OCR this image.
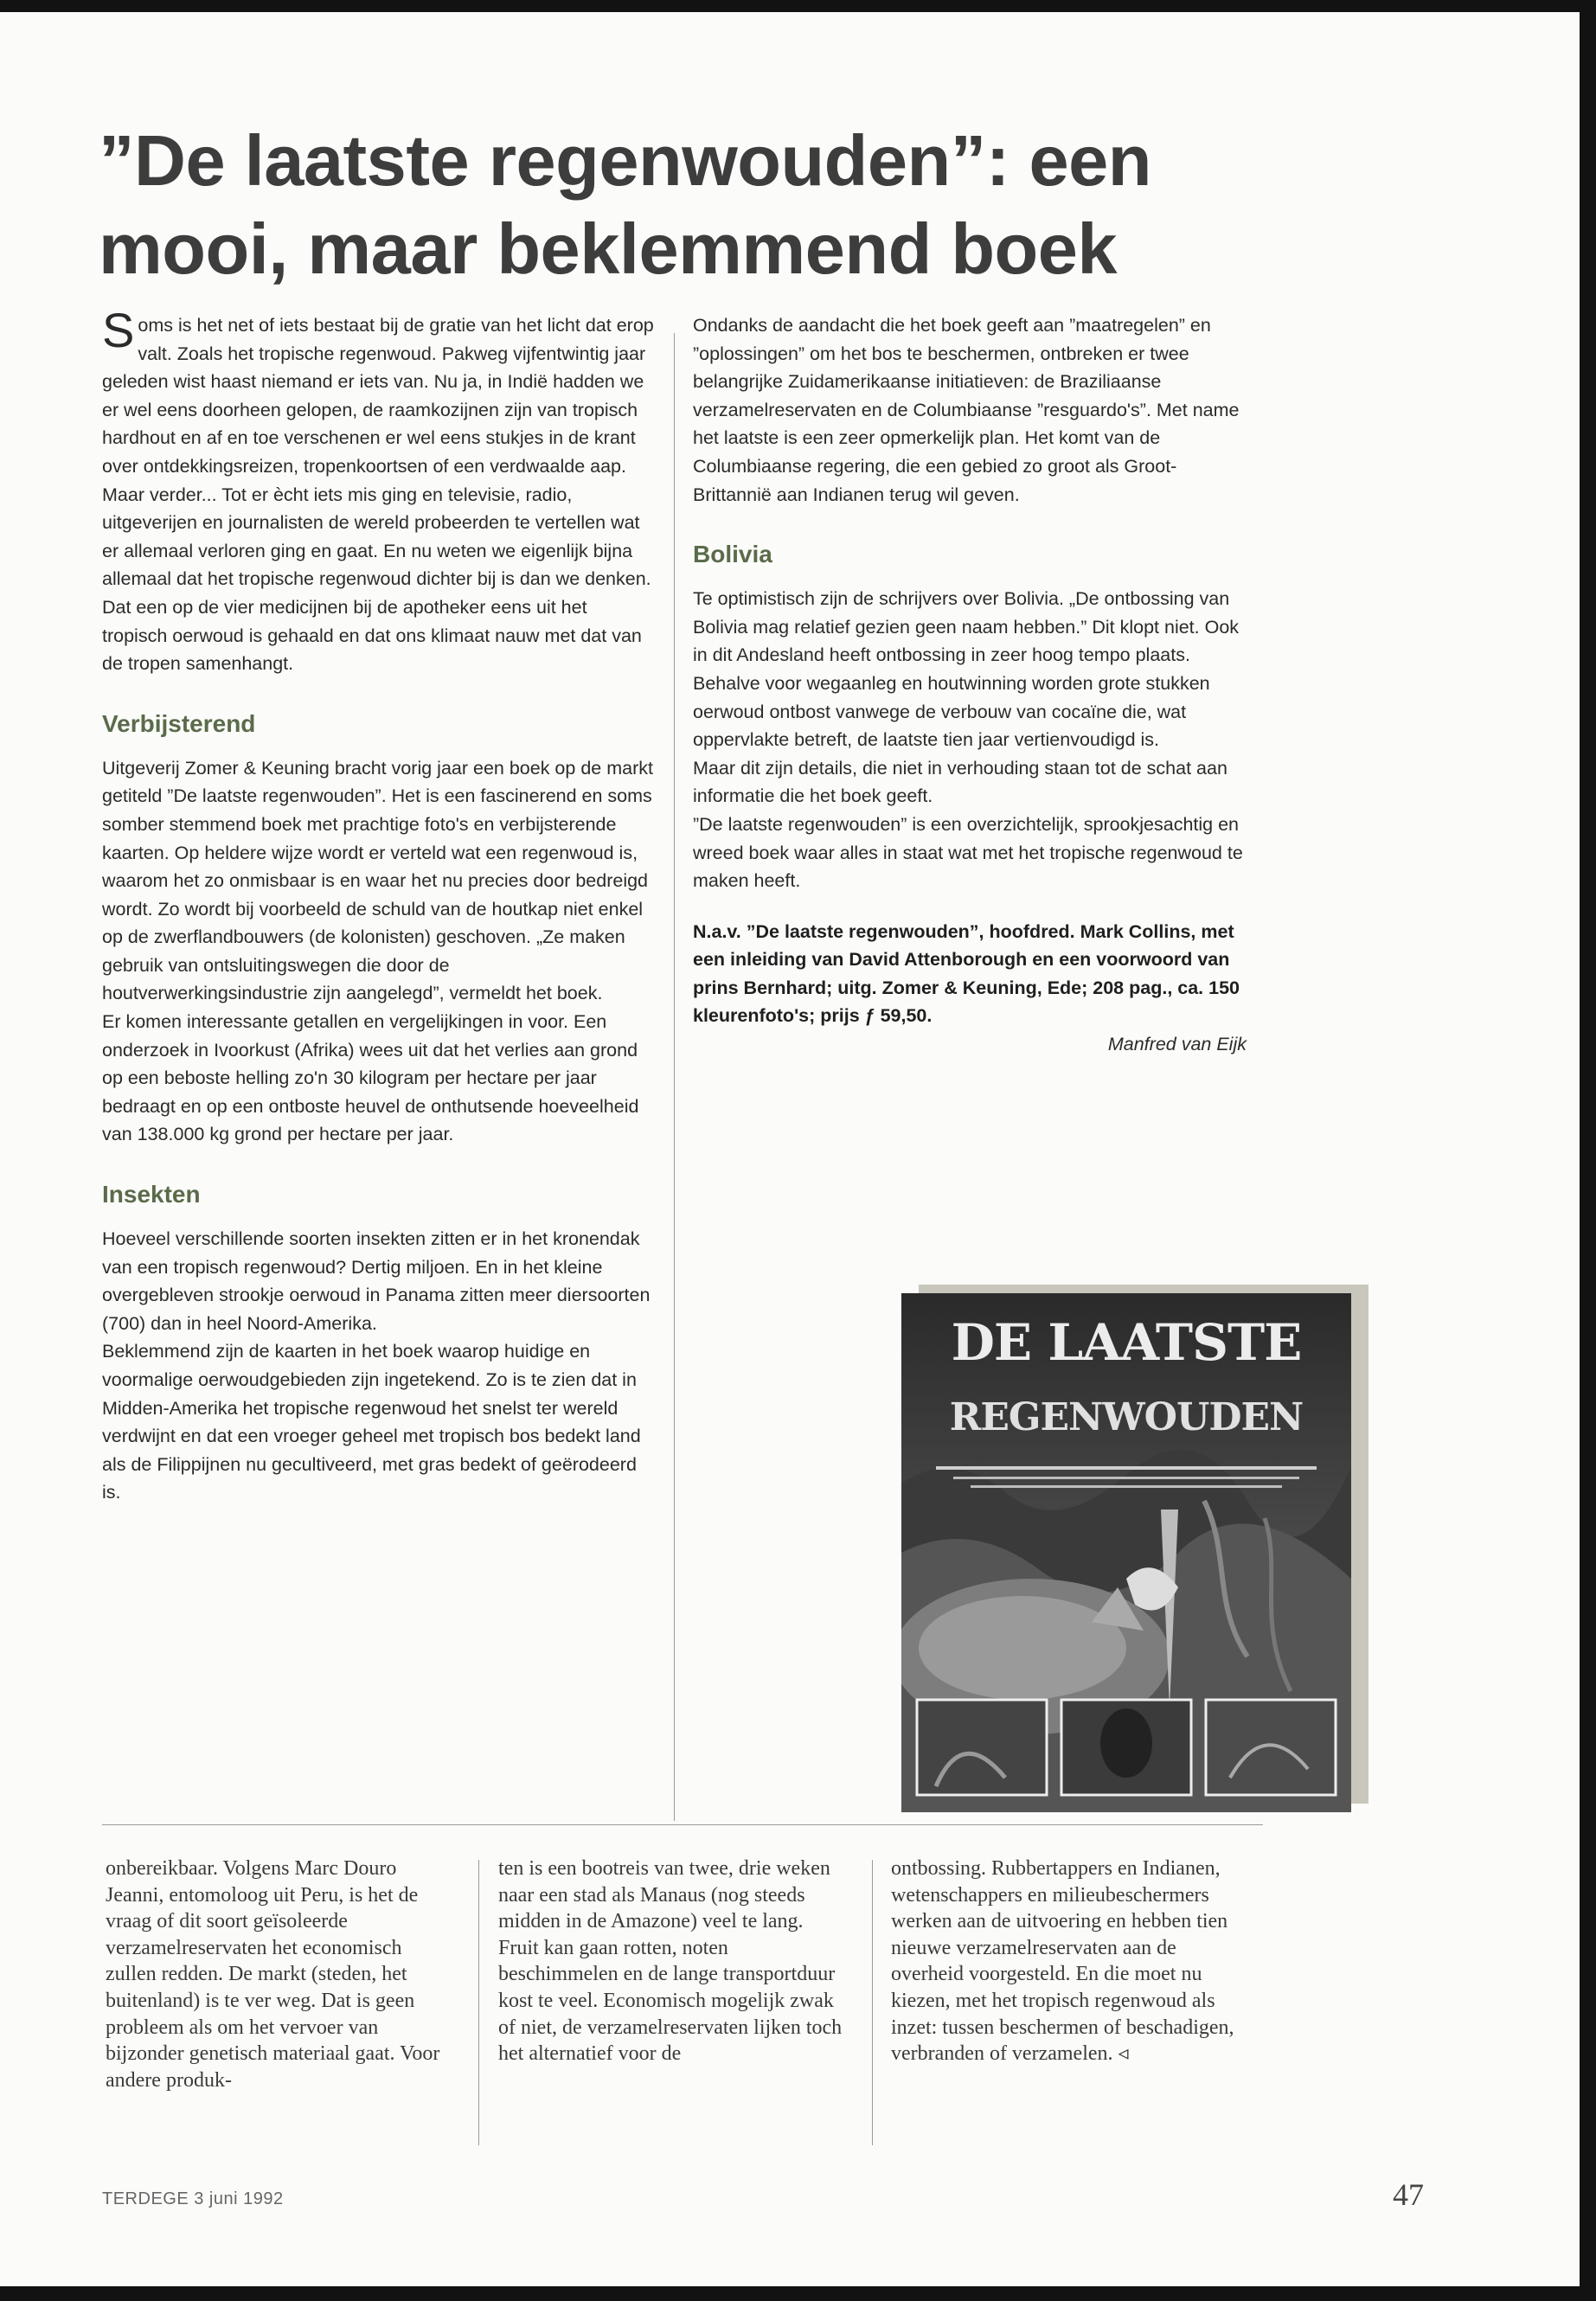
”De laatste regenwouden”: een mooi, maar beklemmend boek

Soms is het net of iets bestaat bij de gratie van het licht dat erop valt. Zoals het tropische regenwoud. Pakweg vijfentwintig jaar geleden wist haast niemand er iets van. Nu ja, in Indië hadden we er wel eens doorheen gelopen, de raamkozijnen zijn van tropisch hardhout en af en toe verschenen er wel eens stukjes in de krant over ontdekkingsreizen, tropenkoortsen of een verdwaalde aap. Maar verder... Tot er ècht iets mis ging en televisie, radio, uitgeverijen en journalisten de wereld probeerden te vertellen wat er allemaal verloren ging en gaat. En nu weten we eigenlijk bijna allemaal dat het tropische regenwoud dichter bij is dan we denken. Dat een op de vier medicijnen bij de apotheker eens uit het tropisch oerwoud is gehaald en dat ons klimaat nauw met dat van de tropen samenhangt.

Verbijsterend

Uitgeverij Zomer & Keuning bracht vorig jaar een boek op de markt getiteld ”De laatste regenwouden”. Het is een fascinerend en soms somber stemmend boek met prachtige foto's en verbijsterende kaarten. Op heldere wijze wordt er verteld wat een regenwoud is, waarom het zo onmisbaar is en waar het nu precies door bedreigd wordt. Zo wordt bij voorbeeld de schuld van de houtkap niet enkel op de zwerflandbouwers (de kolonisten) geschoven. „Ze maken gebruik van ontsluitingswegen die door de houtverwerkingsindustrie zijn aangelegd”, vermeldt het boek.

Er komen interessante getallen en vergelijkingen in voor. Een onderzoek in Ivoorkust (Afrika) wees uit dat het verlies aan grond op een beboste helling zo'n 30 kilogram per hectare per jaar bedraagt en op een ontboste heuvel de onthutsende hoeveelheid van 138.000 kg grond per hectare per jaar.

Insekten

Hoeveel verschillende soorten insekten zitten er in het kronendak van een tropisch regenwoud? Dertig miljoen. En in het kleine overgebleven strookje oerwoud in Panama zitten meer diersoorten (700) dan in heel Noord-Amerika.

Beklemmend zijn de kaarten in het boek waarop huidige en voormalige oerwoudgebieden zijn ingetekend. Zo is te zien dat in Midden-Amerika het tropische regenwoud het snelst ter wereld verdwijnt en dat een vroeger geheel met tropisch bos bedekt land als de Filippijnen nu gecultiveerd, met gras bedekt of geërodeerd is.

Ondanks de aandacht die het boek geeft aan ”maatregelen” en ”oplossingen” om het bos te beschermen, ontbreken er twee belangrijke Zuidamerikaanse initiatieven: de Braziliaanse verzamelreservaten en de Columbiaanse ”resguardo's”. Met name het laatste is een zeer opmerkelijk plan. Het komt van de Columbiaanse regering, die een gebied zo groot als Groot-Brittannië aan Indianen terug wil geven.

Bolivia

Te optimistisch zijn de schrijvers over Bolivia. „De ontbossing van Bolivia mag relatief gezien geen naam hebben.” Dit klopt niet. Ook in dit Andesland heeft ontbossing in zeer hoog tempo plaats. Behalve voor wegaanleg en houtwinning worden grote stukken oerwoud ontbost vanwege de verbouw van cocaïne die, wat oppervlakte betreft, de laatste tien jaar vertienvoudigd is.

Maar dit zijn details, die niet in verhouding staan tot de schat aan informatie die het boek geeft.

”De laatste regenwouden” is een overzichtelijk, sprookjesachtig en wreed boek waar alles in staat wat met het tropische regenwoud te maken heeft.

N.a.v. ”De laatste regenwouden”, hoofdred. Mark Collins, met een inleiding van David Attenborough en een voorwoord van prins Bernhard; uitg. Zomer & Keuning, Ede; 208 pag., ca. 150 kleurenfoto's; prijs ƒ 59,50.

Manfred van Eijk

DE LAATSTE
REGENWOUDEN

onbereikbaar. Volgens Marc Douro Jeanni, entomoloog uit Peru, is het de vraag of dit soort geïsoleerde verzamelreservaten het economisch zullen redden. De markt (steden, het buitenland) is te ver weg. Dat is geen probleem als om het vervoer van bijzonder genetisch materiaal gaat. Voor andere produk-

ten is een bootreis van twee, drie weken naar een stad als Manaus (nog steeds midden in de Amazone) veel te lang. Fruit kan gaan rotten, noten beschimmelen en de lange transportduur kost te veel. Economisch mogelijk zwak of niet, de verzamelreservaten lijken toch het alternatief voor de

ontbossing. Rubbertappers en Indianen, wetenschappers en milieubeschermers werken aan de uitvoering en hebben tien nieuwe verzamelreservaten aan de overheid voorgesteld. En die moet nu kiezen, met het tropisch regenwoud als inzet: tussen beschermen of beschadigen, verbranden of verzamelen. ◃

TERDEGE 3 juni 1992	47
